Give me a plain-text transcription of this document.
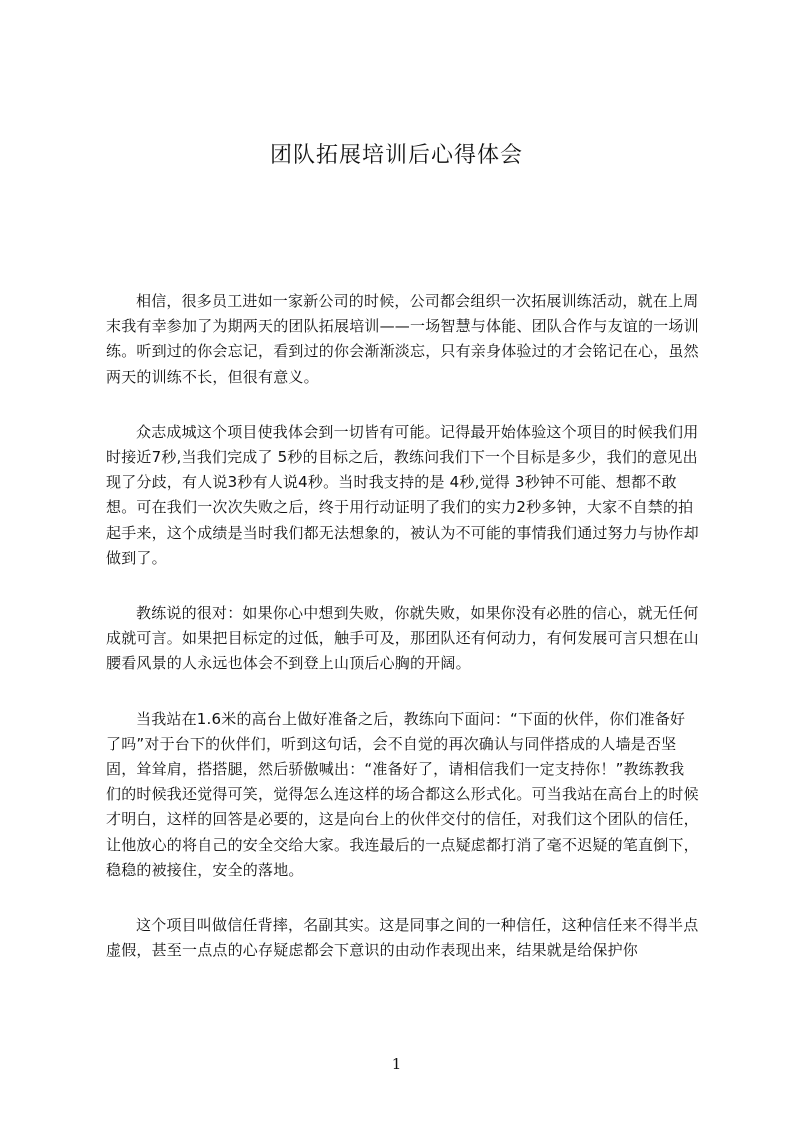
团队拓展培训后心得体会

相信，很多员工进如一家新公司的时候，公司都会组织一次拓展训练活动，就在上周末我有幸参加了为期两天的团队拓展培训——一场智慧与体能、团队合作与友谊的一场训练。听到过的你会忘记，看到过的你会渐渐淡忘，只有亲身体验过的才会铭记在心，虽然两天的训练不长，但很有意义。

众志成城这个项目使我体会到一切皆有可能。记得最开始体验这个项目的时候我们用时接近7秒,当我们完成了 5秒的目标之后，教练问我们下一个目标是多少，我们的意见出现了分歧，有人说3秒有人说4秒。当时我支持的是 4秒,觉得 3秒钟不可能、想都不敢想。可在我们一次次失败之后，终于用行动证明了我们的实力2秒多钟，大家不自禁的拍起手来，这个成绩是当时我们都无法想象的，被认为不可能的事情我们通过努力与协作却做到了。

教练说的很对：如果你心中想到失败，你就失败，如果你没有必胜的信心，就无任何成就可言。如果把目标定的过低，触手可及，那团队还有何动力，有何发展可言只想在山腰看风景的人永远也体会不到登上山顶后心胸的开阔。

当我站在1.6米的高台上做好准备之后，教练向下面问：“下面的伙伴，你们准备好了吗”对于台下的伙伴们，听到这句话，会不自觉的再次确认与同伴搭成的人墙是否坚固，耸耸肩，搭搭腿，然后骄傲喊出：“准备好了，请相信我们一定支持你！”教练教我们的时候我还觉得可笑，觉得怎么连这样的场合都这么形式化。可当我站在高台上的时候才明白，这样的回答是必要的，这是向台上的伙伴交付的信任，对我们这个团队的信任，让他放心的将自己的安全交给大家。我连最后的一点疑虑都打消了毫不迟疑的笔直倒下，稳稳的被接住，安全的落地。

这个项目叫做信任背摔，名副其实。这是同事之间的一种信任，这种信任来不得半点虚假，甚至一点点的心存疑虑都会下意识的由动作表现出来，结果就是给保护你

1
